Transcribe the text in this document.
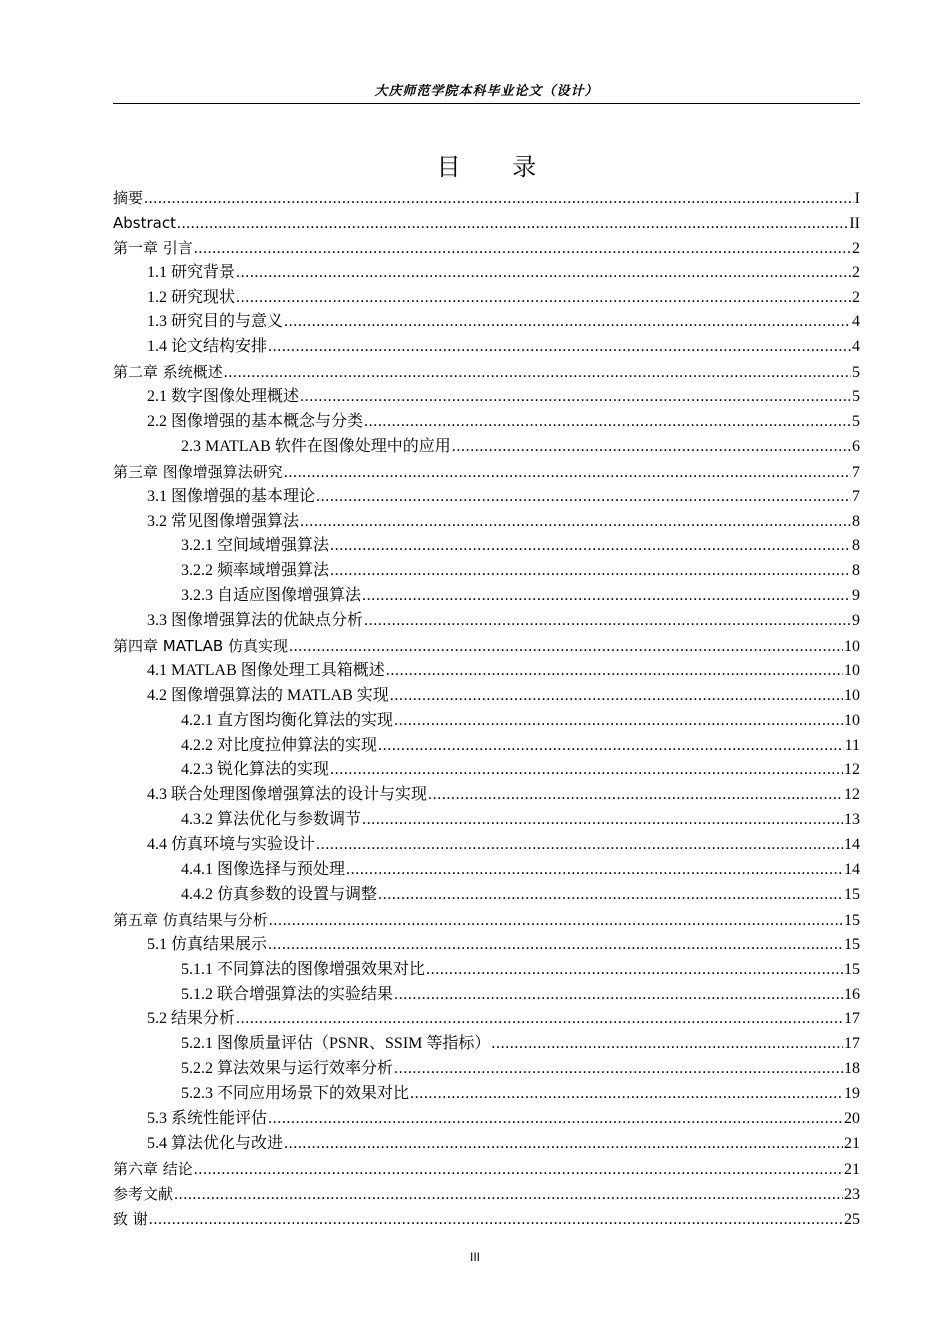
大庆师范学院本科毕业论文（设计）
目 录
摘要 .....	I
Abstract .....	II
第一章 引言 .....	2
1.1 研究背景 .....	2
1.2 研究现状 .....	2
1.3 研究目的与意义 .....	4
1.4 论文结构安排 .....	4
第二章 系统概述 .....	5
2.1 数字图像处理概述 .....	5
2.2 图像增强的基本概念与分类 .....	5
2.3 MATLAB 软件在图像处理中的应用 .....	6
第三章 图像增强算法研究 .....	7
3.1 图像增强的基本理论 .....	7
3.2 常见图像增强算法 .....	8
3.2.1 空间域增强算法 .....	8
3.2.2 频率域增强算法 .....	8
3.2.3 自适应图像增强算法 .....	9
3.3 图像增强算法的优缺点分析 .....	9
第四章 MATLAB 仿真实现 .....	10
4.1 MATLAB 图像处理工具箱概述 .....	10
4.2 图像增强算法的 MATLAB 实现 .....	10
4.2.1 直方图均衡化算法的实现 .....	10
4.2.2 对比度拉伸算法的实现 .....	11
4.2.3 锐化算法的实现 .....	12
4.3 联合处理图像增强算法的设计与实现 .....	12
4.3.2 算法优化与参数调节 .....	13
4.4 仿真环境与实验设计 .....	14
4.4.1 图像选择与预处理 .....	14
4.4.2 仿真参数的设置与调整 .....	15
第五章 仿真结果与分析 .....	15
5.1 仿真结果展示 .....	15
5.1.1 不同算法的图像增强效果对比 .....	15
5.1.2 联合增强算法的实验结果 .....	16
5.2 结果分析 .....	17
5.2.1 图像质量评估（PSNR、SSIM 等指标） .....	17
5.2.2 算法效果与运行效率分析 .....	18
5.2.3 不同应用场景下的效果对比 .....	19
5.3 系统性能评估 .....	20
5.4 算法优化与改进 .....	21
第六章 结论 .....	21
参考文献 .....	23
致 谢 .....	25
III
